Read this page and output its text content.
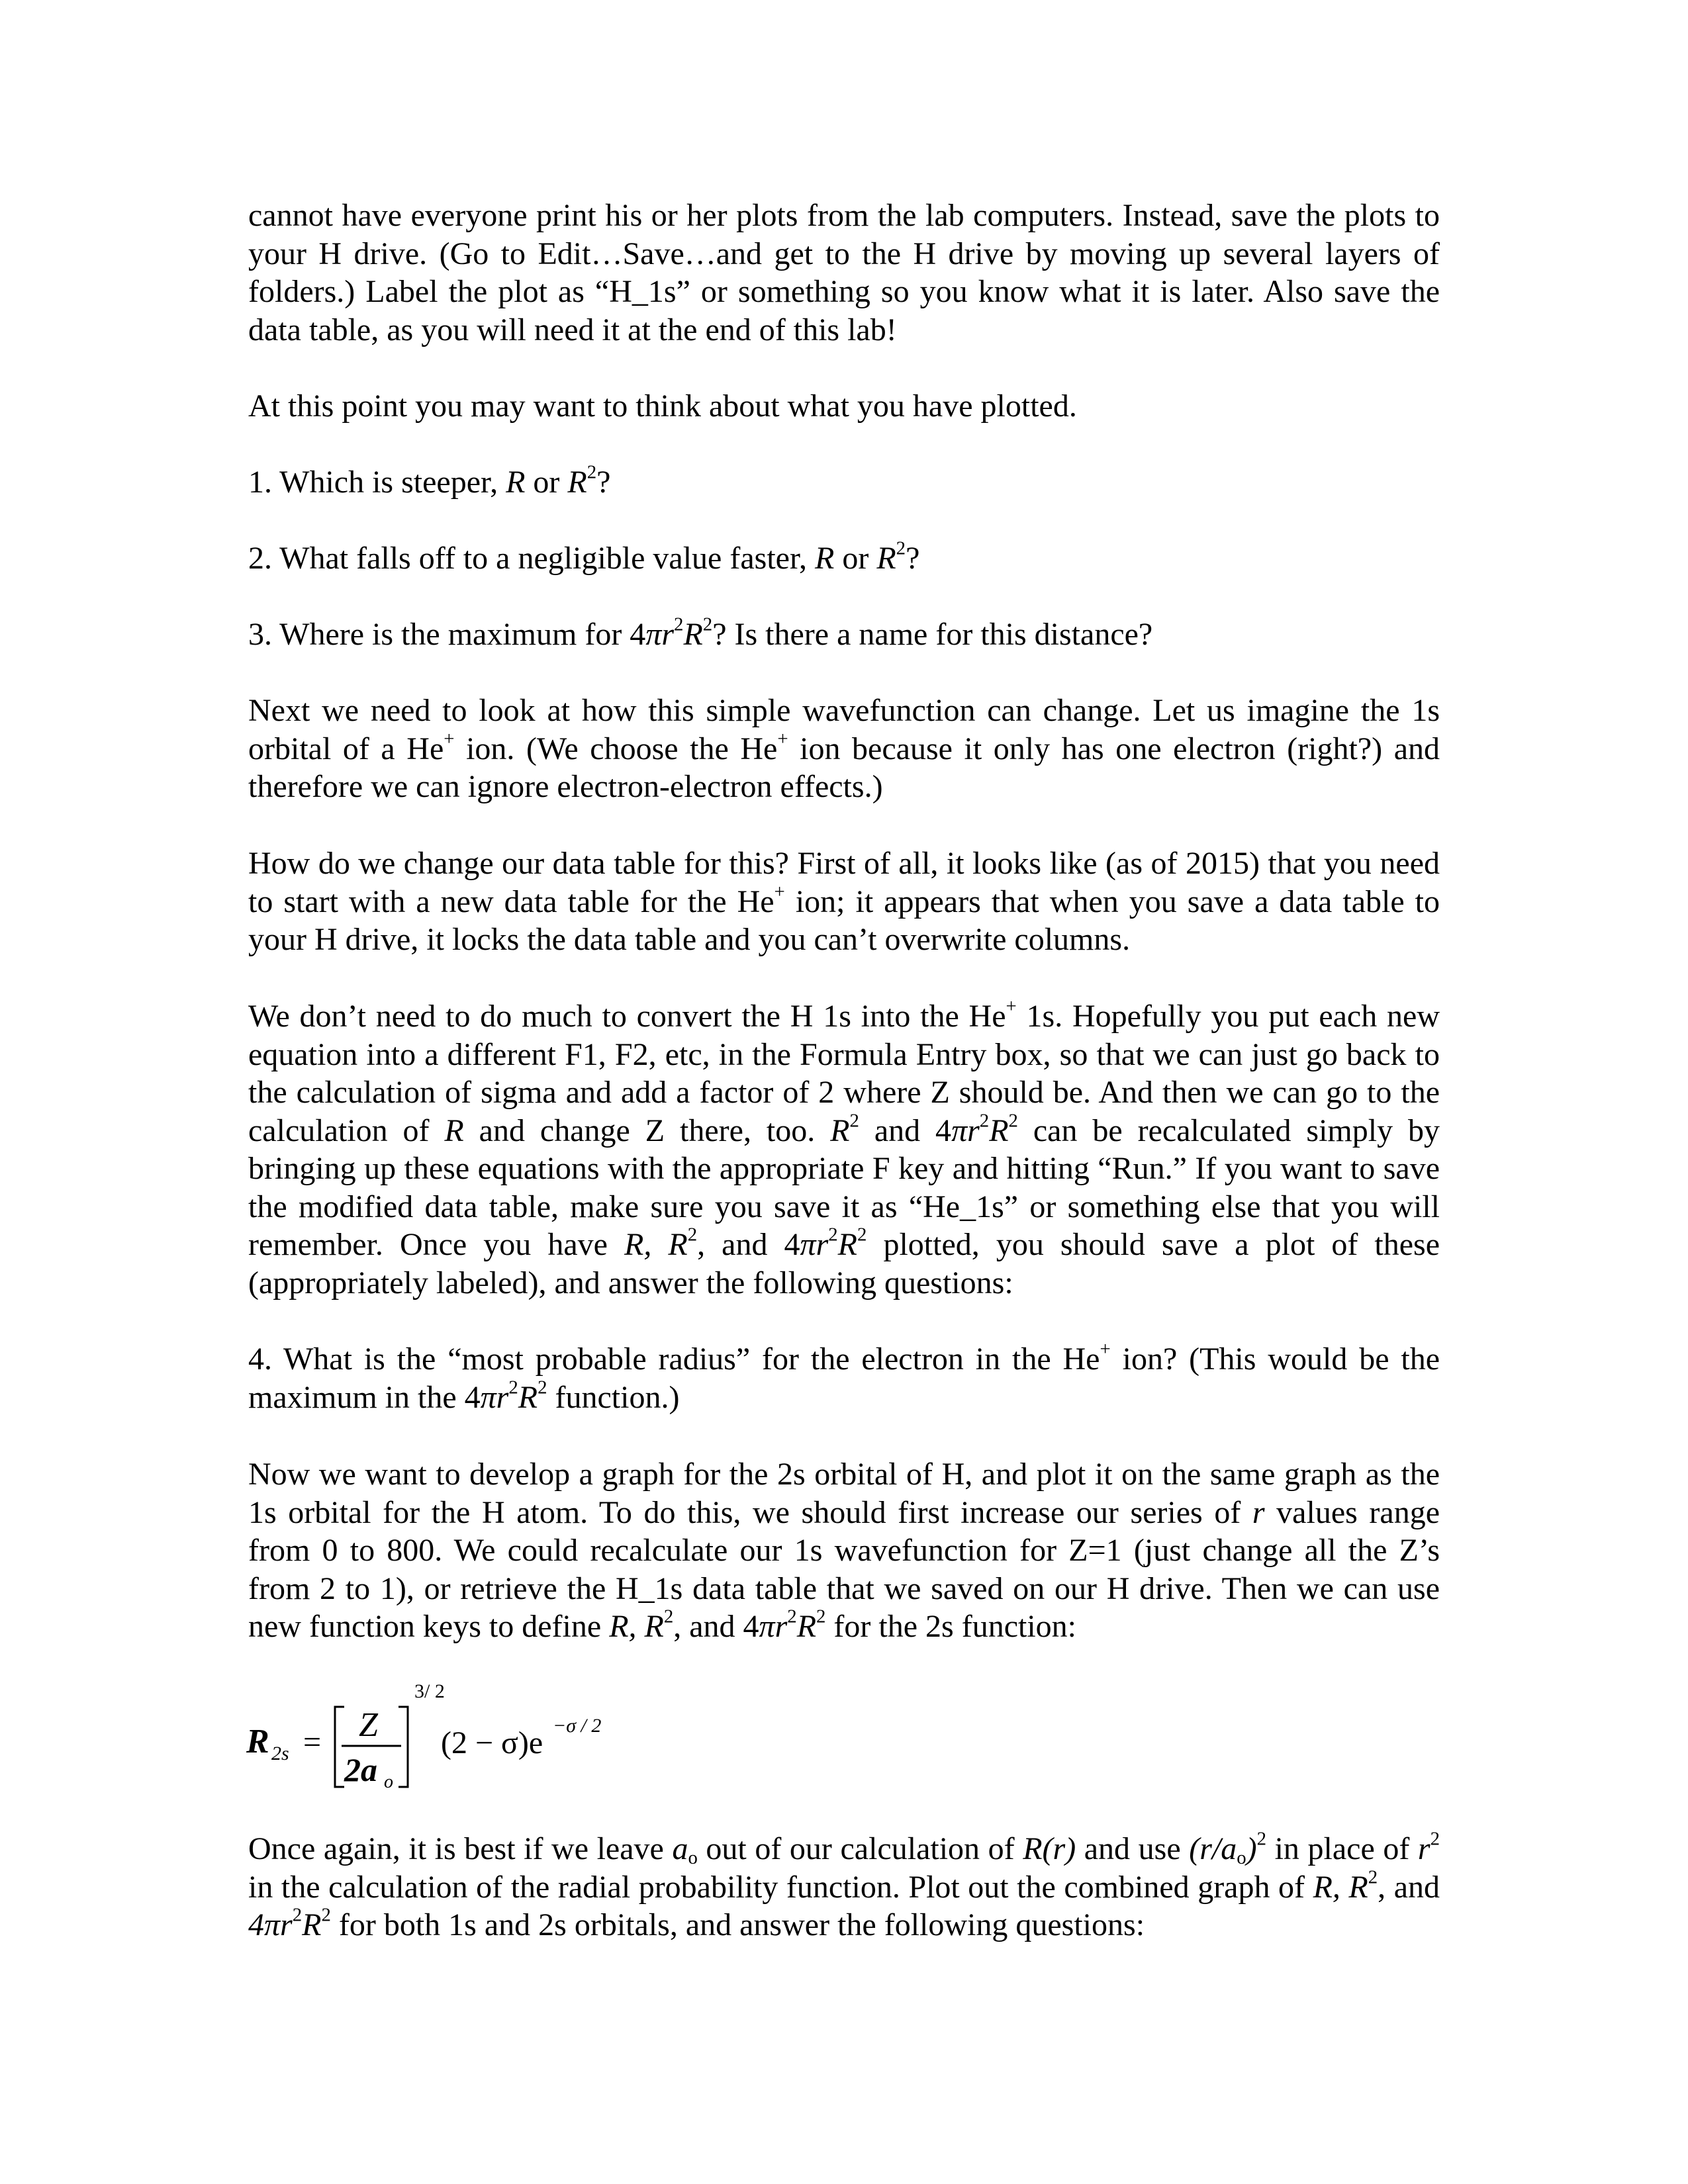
cannot have everyone print his or her plots from the lab computers. Instead, save the plots to your H drive. (Go to Edit…Save…and get to the H drive by moving up several layers of folders.) Label the plot as “H_1s” or something so you know what it is later. Also save the data table, as you will need it at the end of this lab!

At this point you may want to think about what you have plotted.

1. Which is steeper, R or $R^2$?

2. What falls off to a negligible value faster, R or $R^2$?

3. Where is the maximum for $4\pi r^2R^2$? Is there a name for this distance?

Next we need to look at how this simple wavefunction can change. Let us imagine the 1s orbital of a He+ ion. (We choose the He+ ion because it only has one electron (right?) and therefore we can ignore electron-electron effects.)

How do we change our data table for this? First of all, it looks like (as of 2015) that you need to start with a new data table for the He+ ion; it appears that when you save a data table to your H drive, it locks the data table and you can’t overwrite columns.

We don’t need to do much to convert the H 1s into the He+ 1s. Hopefully you put each new equation into a different F1, F2, etc, in the Formula Entry box, so that we can just go back to the calculation of sigma and add a factor of 2 where Z should be. And then we can go to the calculation of R and change Z there, too. $R^2$ and $4\pi r^2R^2$ can be recalculated simply by bringing up these equations with the appropriate F key and hitting “Run.” If you want to save the modified data table, make sure you save it as “He_1s” or something else that you will remember. Once you have R, $R^2$, and $4\pi r^2R^2$ plotted, you should save a plot of these (appropriately labeled), and answer the following questions:

4. What is the “most probable radius” for the electron in the He+ ion? (This would be the maximum in the $4\pi r^2R^2$ function.)

Now we want to develop a graph for the 2s orbital of H, and plot it on the same graph as the 1s orbital for the H atom. To do this, we should first increase our series of r values range from 0 to 800. We could recalculate our 1s wavefunction for Z=1 (just change all the Z’s from 2 to 1), or retrieve the H_1s data table that we saved on our H drive. Then we can use new function keys to define R, $R^2$, and $4\pi r^2R^2$ for the 2s function:

R 2s = Z
2a o
3/ 2
(2 − σ)e −σ / 2

Once again, it is best if we leave $a_o$ out of our calculation of R(r) and use $(r/a_o)^2$ in place of $r^2$ in the calculation of the radial probability function. Plot out the combined graph of R, $R^2$, and $4\pi r^2R^2$ for both 1s and 2s orbitals, and answer the following questions:
